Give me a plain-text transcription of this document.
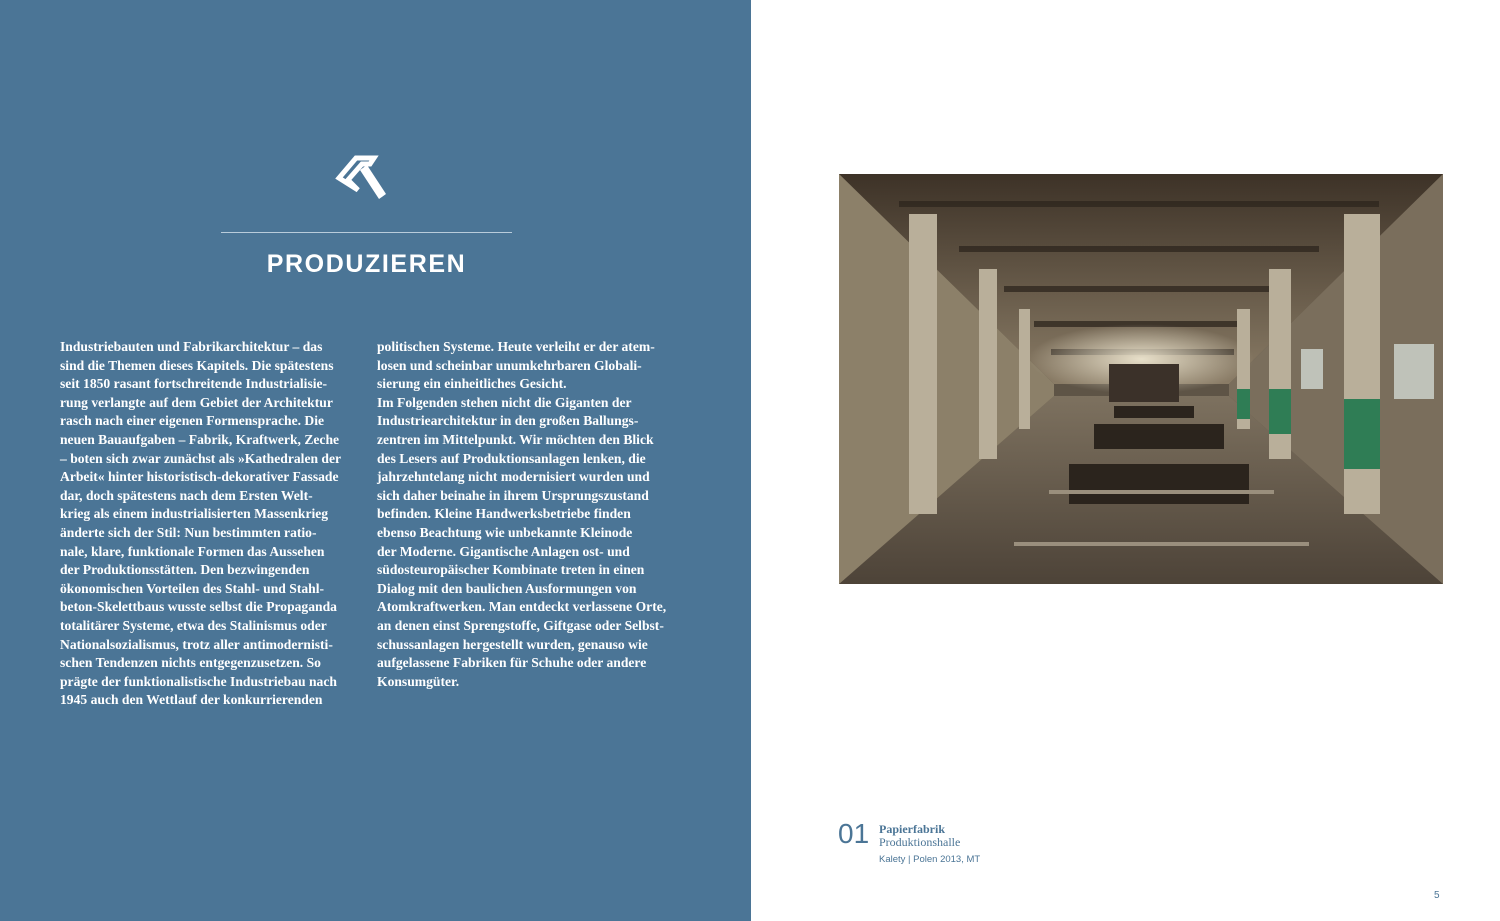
PRODUZIEREN
Industriebauten und Fabrikarchitektur – das
sind die Themen dieses Kapitels. Die spätestens
seit 1850 rasant fortschreitende Industrialisie-
rung verlangte auf dem Gebiet der Architektur
rasch nach einer eigenen Formensprache. Die
neuen Bauaufgaben – Fabrik, Kraftwerk, Zeche
– boten sich zwar zunächst als »Kathedralen der
Arbeit« hinter historistisch-dekorativer Fassade
dar, doch spätestens nach dem Ersten Welt-
krieg als einem industrialisierten Massenkrieg
änderte sich der Stil: Nun bestimmten ratio-
nale, klare, funktionale Formen das Aussehen
der Produktionsstätten. Den bezwingenden
ökonomischen Vorteilen des Stahl- und Stahl-
beton-Skelettbaus wusste selbst die Propaganda
totalitärer Systeme, etwa des Stalinismus oder
Nationalsozialismus, trotz aller antimodernisti-
schen Tendenzen nichts entgegenzusetzen. So
prägte der funktionalistische Industriebau nach
1945 auch den Wettlauf der konkurrierenden
politischen Systeme. Heute verleiht er der atem-
losen und scheinbar unumkehrbaren Globali-
sierung ein einheitliches Gesicht.
Im Folgenden stehen nicht die Giganten der
Industriearchitektur in den großen Ballungs-
zentren im Mittelpunkt. Wir möchten den Blick
des Lesers auf Produktionsanlagen lenken, die
jahrzehntelang nicht modernisiert wurden und
sich daher beinahe in ihrem Ursprungszustand
befinden. Kleine Handwerksbetriebe finden
ebenso Beachtung wie unbekannte Kleinode
der Moderne. Gigantische Anlagen ost- und
südosteuropäischer Kombinate treten in einen
Dialog mit den baulichen Ausformungen von
Atomkraftwerken. Man entdeckt verlassene Orte,
an denen einst Sprengstoffe, Giftgase oder Selbst-
schussanlagen hergestellt wurden, genauso wie
aufgelassene Fabriken für Schuhe oder andere
Konsumgüter.
01 Papierfabrik
Produktionshalle
Kalety | Polen 2013, MT
5
